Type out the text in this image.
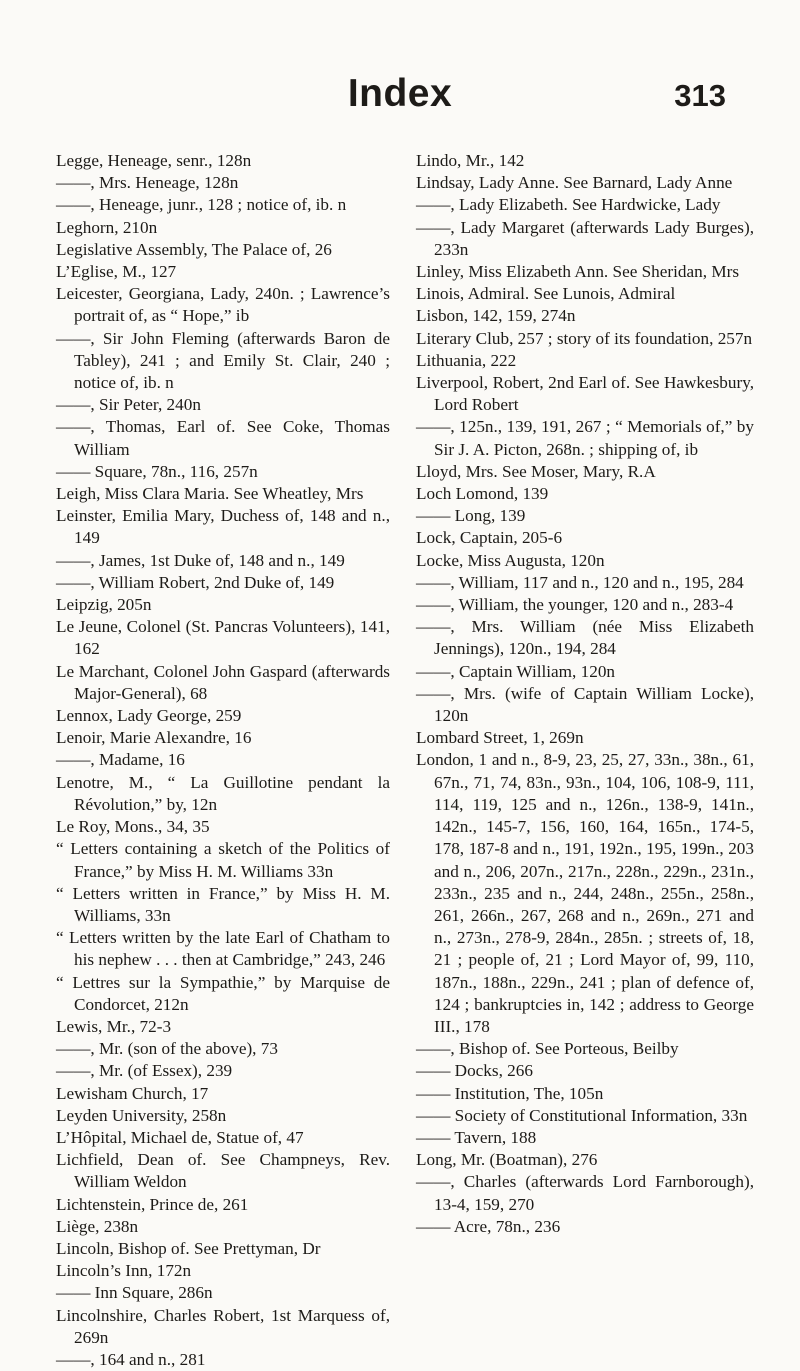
Index	313
Legge, Heneage, senr., 128n
——, Mrs. Heneage, 128n
——, Heneage, junr., 128 ; notice of, ib. n
Leghorn, 210n
Legislative Assembly, The Palace of, 26
L’Eglise, M., 127
Leicester, Georgiana, Lady, 240n. ; Lawrence’s portrait of, as “ Hope,” ib
——, Sir John Fleming (afterwards Baron de Tabley), 241 ; and Emily St. Clair, 240 ; notice of, ib. n
——, Sir Peter, 240n
——, Thomas, Earl of. See Coke, Thomas William
—— Square, 78n., 116, 257n
Leigh, Miss Clara Maria. See Wheatley, Mrs
Leinster, Emilia Mary, Duchess of, 148 and n., 149
——, James, 1st Duke of, 148 and n., 149
——, William Robert, 2nd Duke of, 149
Leipzig, 205n
Le Jeune, Colonel (St. Pancras Volunteers), 141, 162
Le Marchant, Colonel John Gaspard (afterwards Major-General), 68
Lennox, Lady George, 259
Lenoir, Marie Alexandre, 16
——, Madame, 16
Lenotre, M., “ La Guillotine pendant la Révolution,” by, 12n
Le Roy, Mons., 34, 35
“ Letters containing a sketch of the Politics of France,” by Miss H. M. Williams 33n
“ Letters written in France,” by Miss H. M. Williams, 33n
“ Letters written by the late Earl of Chatham to his nephew . . . then at Cambridge,” 243, 246
“ Lettres sur la Sympathie,” by Marquise de Condorcet, 212n
Lewis, Mr., 72-3
——, Mr. (son of the above), 73
——, Mr. (of Essex), 239
Lewisham Church, 17
Leyden University, 258n
L’Hôpital, Michael de, Statue of, 47
Lichfield, Dean of. See Champneys, Rev. William Weldon
Lichtenstein, Prince de, 261
Liège, 238n
Lincoln, Bishop of. See Prettyman, Dr
Lincoln’s Inn, 172n
—— Inn Square, 286n
Lincolnshire, Charles Robert, 1st Marquess of, 269n
——, 164 and n., 281
Lindo, Mr., 142
Lindsay, Lady Anne. See Barnard, Lady Anne
——, Lady Elizabeth. See Hardwicke, Lady
——, Lady Margaret (afterwards Lady Burges), 233n
Linley, Miss Elizabeth Ann. See Sheridan, Mrs
Linois, Admiral. See Lunois, Admiral
Lisbon, 142, 159, 274n
Literary Club, 257 ; story of its foundation, 257n
Lithuania, 222
Liverpool, Robert, 2nd Earl of. See Hawkesbury, Lord Robert
——, 125n., 139, 191, 267 ; “ Memorials of,” by Sir J. A. Picton, 268n. ; shipping of, ib
Lloyd, Mrs. See Moser, Mary, R.A
Loch Lomond, 139
—— Long, 139
Lock, Captain, 205-6
Locke, Miss Augusta, 120n
——, William, 117 and n., 120 and n., 195, 284
——, William, the younger, 120 and n., 283-4
——, Mrs. William (née Miss Elizabeth Jennings), 120n., 194, 284
——, Captain William, 120n
——, Mrs. (wife of Captain William Locke), 120n
Lombard Street, 1, 269n
London, 1 and n., 8-9, 23, 25, 27, 33n., 38n., 61, 67n., 71, 74, 83n., 93n., 104, 106, 108-9, 111, 114, 119, 125 and n., 126n., 138-9, 141n., 142n., 145-7, 156, 160, 164, 165n., 174-5, 178, 187-8 and n., 191, 192n., 195, 199n., 203 and n., 206, 207n., 217n., 228n., 229n., 231n., 233n., 235 and n., 244, 248n., 255n., 258n., 261, 266n., 267, 268 and n., 269n., 271 and n., 273n., 278-9, 284n., 285n. ; streets of, 18, 21 ; people of, 21 ; Lord Mayor of, 99, 110, 187n., 188n., 229n., 241 ; plan of defence of, 124 ; bankruptcies in, 142 ; address to George III., 178
——, Bishop of. See Porteous, Beilby
—— Docks, 266
—— Institution, The, 105n
—— Society of Constitutional Information, 33n
—— Tavern, 188
Long, Mr. (Boatman), 276
——, Charles (afterwards Lord Farnborough), 13-4, 159, 270
—— Acre, 78n., 236
